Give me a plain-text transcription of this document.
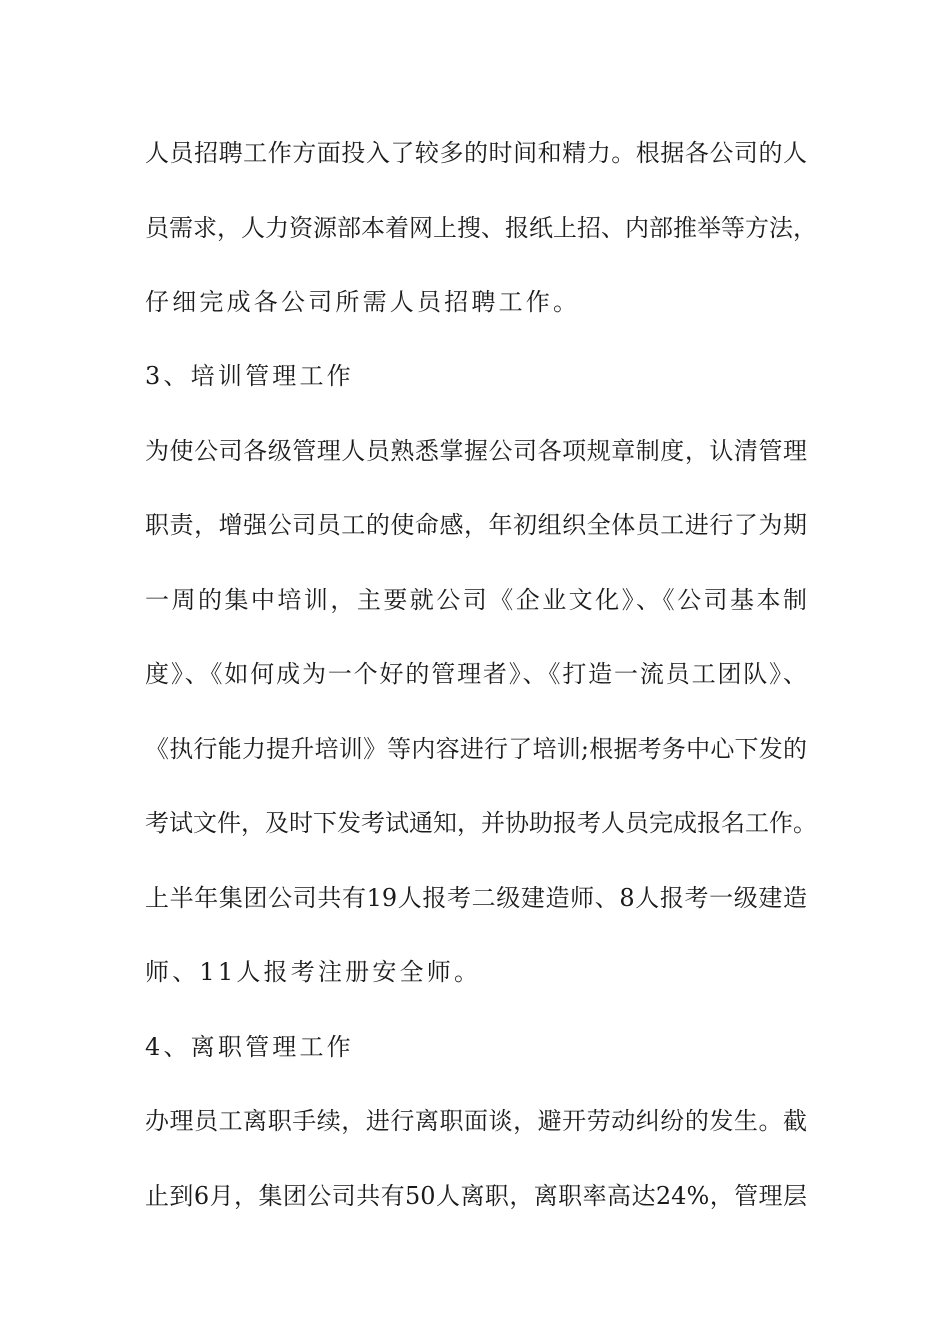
人员招聘工作方面投入了较多的时间和精力。根据各公司的人
员需求，人力资源部本着网上搜、报纸上招、内部推举等方法，
仔细完成各公司所需人员招聘工作。
3、培训管理工作
为使公司各级管理人员熟悉掌握公司各项规章制度，认清管理
职责，增强公司员工的使命感，年初组织全体员工进行了为期
一周的集中培训，主要就公司《企业文化》、《公司基本制
度》、《如何成为一个好的管理者》、《打造一流员工团队》、
《执行能力提升培训》等内容进行了培训;根据考务中心下发的
考试文件，及时下发考试通知，并协助报考人员完成报名工作。
上半年集团公司共有19人报考二级建造师、8人报考一级建造
师、11人报考注册安全师。
4、离职管理工作
办理员工离职手续，进行离职面谈，避开劳动纠纷的发生。截
止到6月，集团公司共有50人离职，离职率高达24%，管理层
